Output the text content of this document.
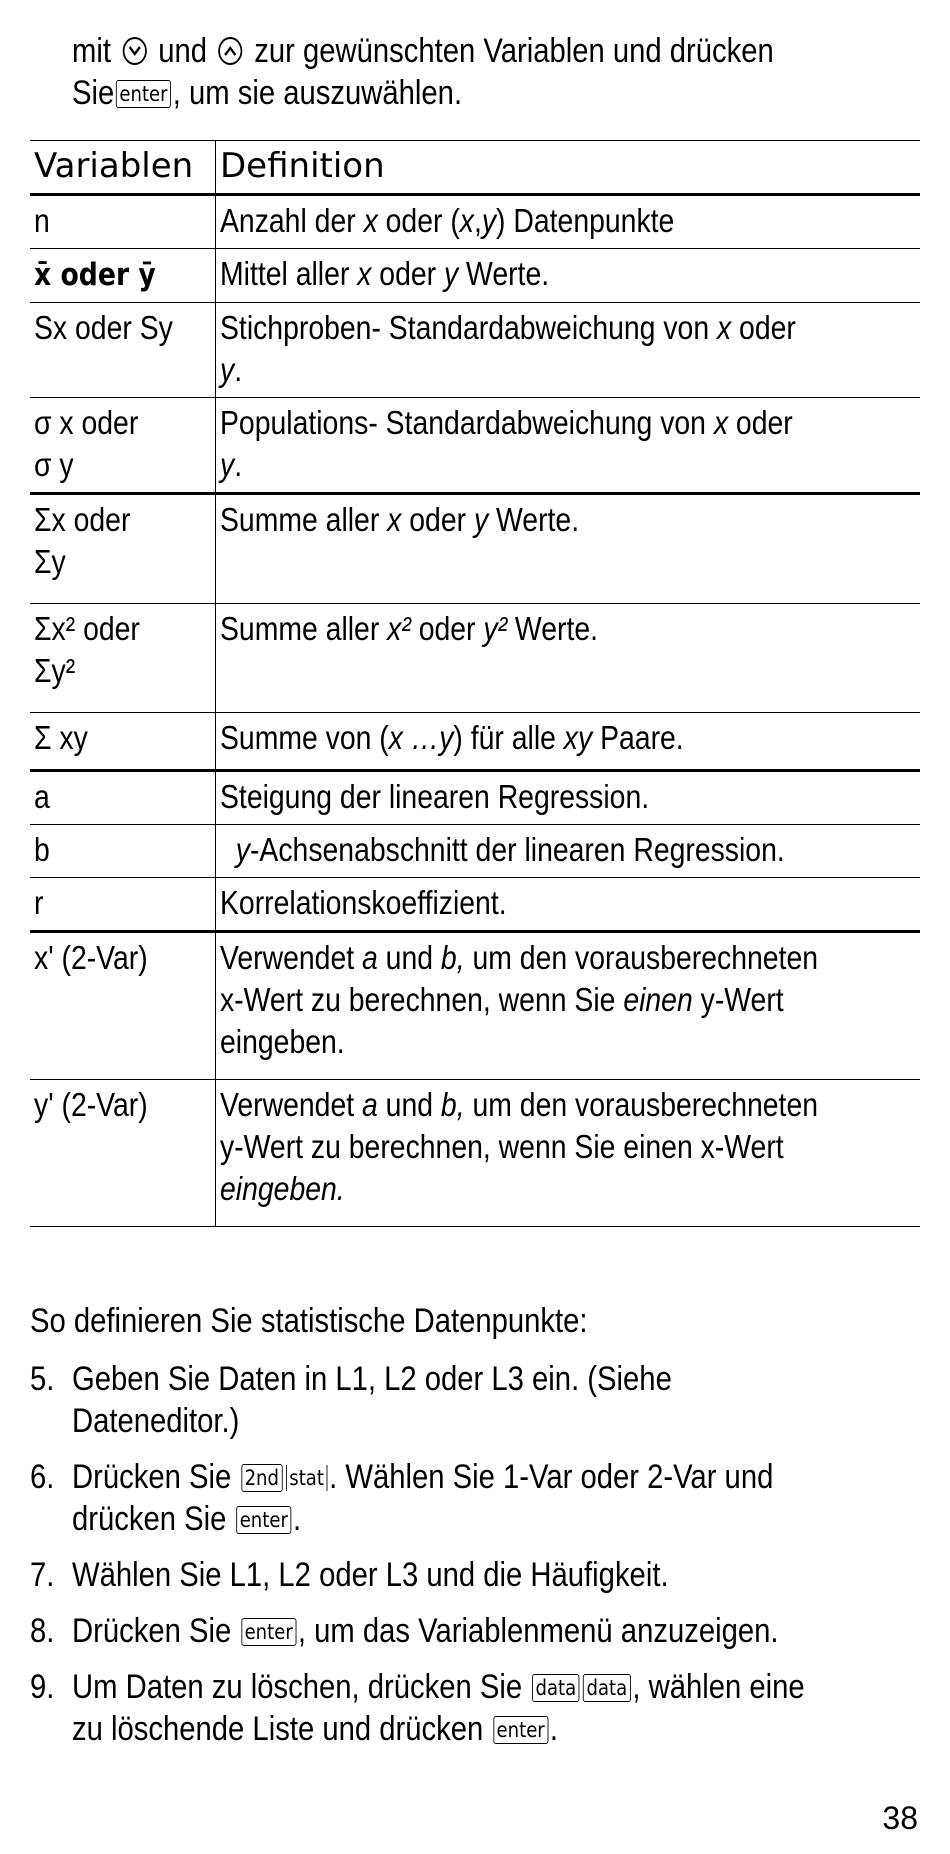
mit und zur gewünschten Variablen und drücken
Sie enter , um sie auszuwählen.
Variablen	Definition
n	Anzahl der x oder (x,y) Datenpunkte
x̄ oder ȳ	Mittel aller x oder y Werte.
Sx oder Sy	Stichproben- Standardabweichung von x oder
y.
σ x oder σ y	Populations- Standardabweichung von x oder
y.
Σx oder Σy	Summe aller x oder y Werte.
Σx² oder Σy²	Summe aller x² oder y² Werte.
Σ xy	Summe von (x …y) für alle xy Paare.
a	Steigung der linearen Regression.
b	y-Achsenabschnitt der linearen Regression.
r	Korrelationskoeffizient.
x' (2-Var)	Verwendet a und b, um den vorausberechneten
x-Wert zu berechnen, wenn Sie einen y-Wert
eingeben.
y' (2-Var)	Verwendet a und b, um den vorausberechneten
y-Wert zu berechnen, wenn Sie einen x-Wert
eingeben.
So definieren Sie statistische Datenpunkte:
5. Geben Sie Daten in L1, L2 oder L3 ein. (Siehe
Dateneditor.)
6. Drücken Sie 2nd stat . Wählen Sie 1-Var oder 2-Var und
drücken Sie enter .
7. Wählen Sie L1, L2 oder L3 und die Häufigkeit.
8. Drücken Sie enter , um das Variablenmenü anzuzeigen.
9. Um Daten zu löschen, drücken Sie data data , wählen eine
zu löschende Liste und drücken enter .
38
